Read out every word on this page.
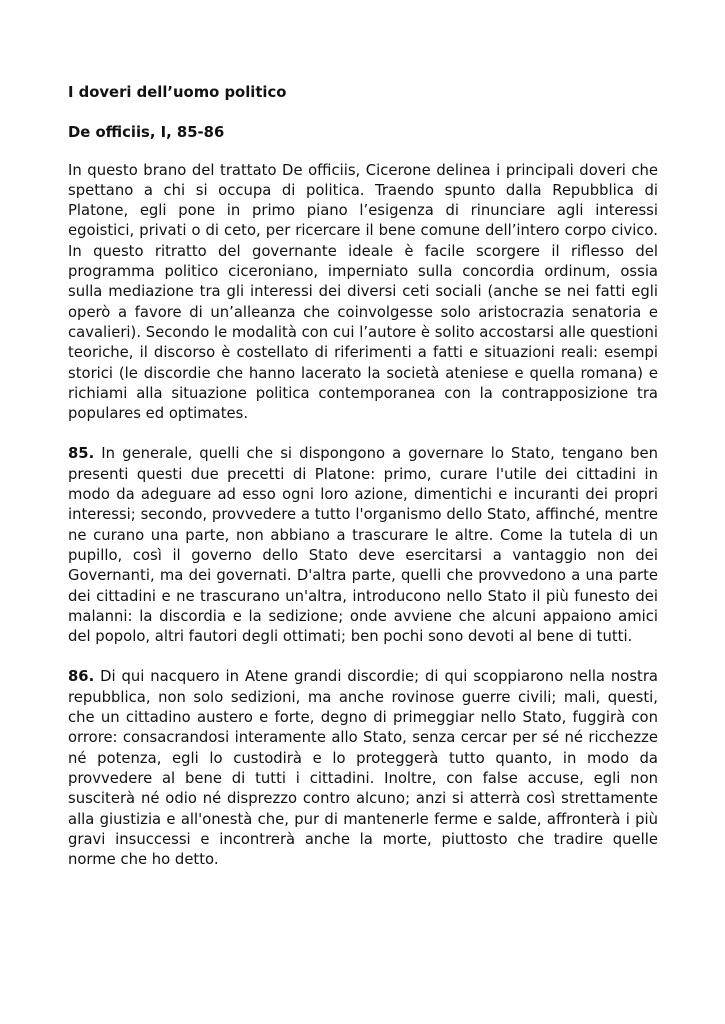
I doveri dell’uomo politico

De officiis, I, 85-86

In questo brano del trattato De officiis, Cicerone delinea i principali doveri che spettano a chi si occupa di politica. Traendo spunto dalla Repubblica di Platone, egli pone in primo piano l’esigenza di rinunciare agli interessi egoistici, privati o di ceto, per ricercare il bene comune dell’intero corpo civico. In questo ritratto del governante ideale è facile scorgere il riflesso del programma politico ciceroniano, imperniato sulla concordia ordinum, ossia sulla mediazione tra gli interessi dei diversi ceti sociali (anche se nei fatti egli operò a favore di un’alleanza che coinvolgesse solo aristocrazia senatoria e cavalieri). Secondo le modalità con cui l’autore è solito accostarsi alle questioni teoriche, il discorso è costellato di riferimenti a fatti e situazioni reali: esempi storici (le discordie che hanno lacerato la società ateniese e quella romana) e richiami alla situazione politica contemporanea con la contrapposizione tra populares ed optimates.

85. In generale, quelli che si dispongono a governare lo Stato, tengano ben presenti questi due precetti di Platone: primo, curare l'utile dei cittadini in modo da adeguare ad esso ogni loro azione, dimentichi e incuranti dei propri interessi; secondo, provvedere a tutto l'organismo dello Stato, affinché, mentre ne curano una parte, non abbiano a trascurare le altre. Come la tutela di un pupillo, così il governo dello Stato deve esercitarsi a vantaggio non dei Governanti, ma dei governati. D'altra parte, quelli che provvedono a una parte dei cittadini e ne trascurano un'altra, introducono nello Stato il più funesto dei malanni: la discordia e la sedizione; onde avviene che alcuni appaiono amici del popolo, altri fautori degli ottimati; ben pochi sono devoti al bene di tutti.

86. Di qui nacquero in Atene grandi discordie; di qui scoppiarono nella nostra repubblica, non solo sedizioni, ma anche rovinose guerre civili; mali, questi, che un cittadino austero e forte, degno di primeggiar nello Stato, fuggirà con orrore: consacrandosi interamente allo Stato, senza cercar per sé né ricchezze né potenza, egli lo custodirà e lo proteggerà tutto quanto, in modo da provvedere al bene di tutti i cittadini. Inoltre, con false accuse, egli non susciterà né odio né disprezzo contro alcuno; anzi si atterrà così strettamente alla giustizia e all'onestà che, pur di mantenerle ferme e salde, affronterà i più gravi insuccessi e incontrerà anche la morte, piuttosto che tradire quelle norme che ho detto.
